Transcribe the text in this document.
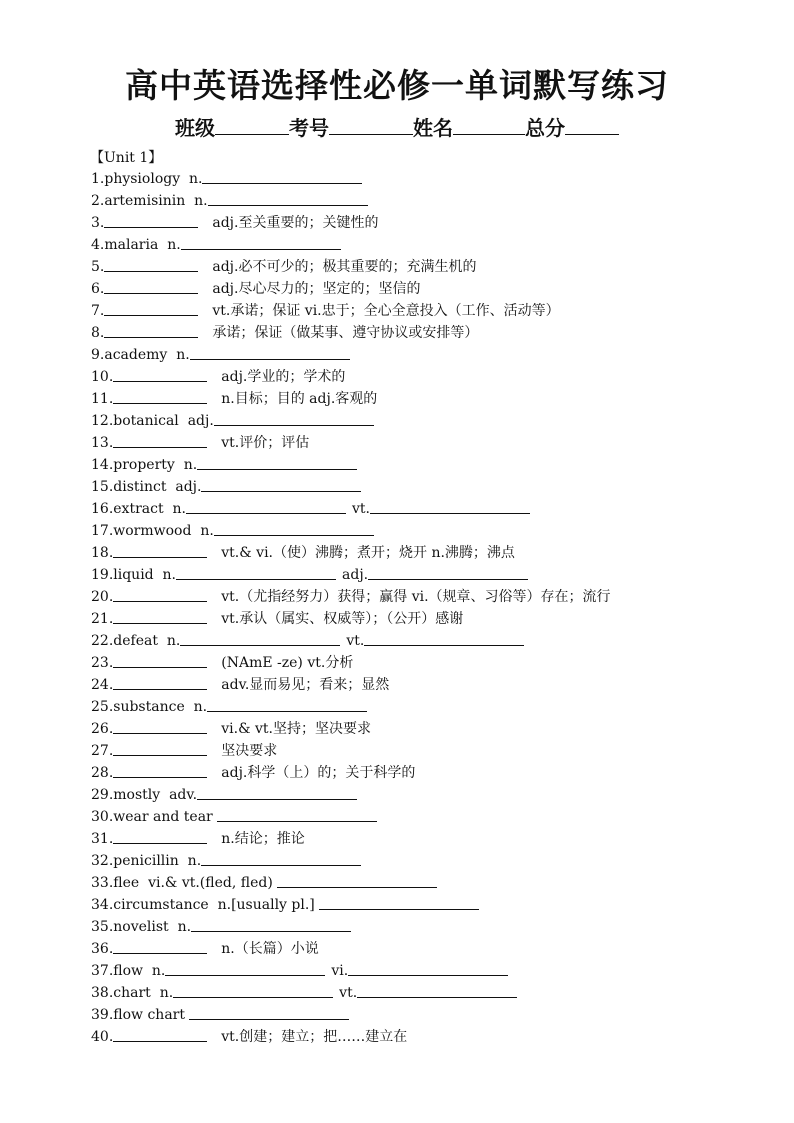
高中英语选择性必修一单词默写练习
班级	考号	姓名	总分
【Unit 1】
1.physiology  n.
2.artemisinin  n.
3.	adj.至关重要的；关键性的
4.malaria  n.
5.	adj.必不可少的；极其重要的；充满生机的
6.	adj.尽心尽力的；坚定的；坚信的
7.	vt.承诺；保证 vi.忠于；全心全意投入（工作、活动等）
8.	承诺；保证（做某事、遵守协议或安排等）
9.academy  n.
10.	adj.学业的；学术的
11.	n.目标；目的 adj.客观的
12.botanical  adj.
13.	vt.评价；评估
14.property  n.
15.distinct  adj.
16.extract  n.	vt.
17.wormwood  n.
18.	vt.& vi.（使）沸腾；煮开；烧开 n.沸腾；沸点
19.liquid  n.	adj.
20.	vt.（尤指经努力）获得；赢得 vi.（规章、习俗等）存在；流行
21.	vt.承认（属实、权威等）；（公开）感谢
22.defeat  n.	vt.
23.	(NAmE -ze) vt.分析
24.	adv.显而易见；看来；显然
25.substance  n.
26.	vi.& vt.坚持；坚决要求
27.	坚决要求
28.	adj.科学（上）的；关于科学的
29.mostly  adv.
30.wear and tear
31.	n.结论；推论
32.penicillin  n.
33.flee  vi.& vt.(fled, fled)
34.circumstance  n.[usually pl.]
35.novelist  n.
36.	n.（长篇）小说
37.flow  n.	vi.
38.chart  n.	vt.
39.flow chart
40.	vt.创建；建立；把……建立在
